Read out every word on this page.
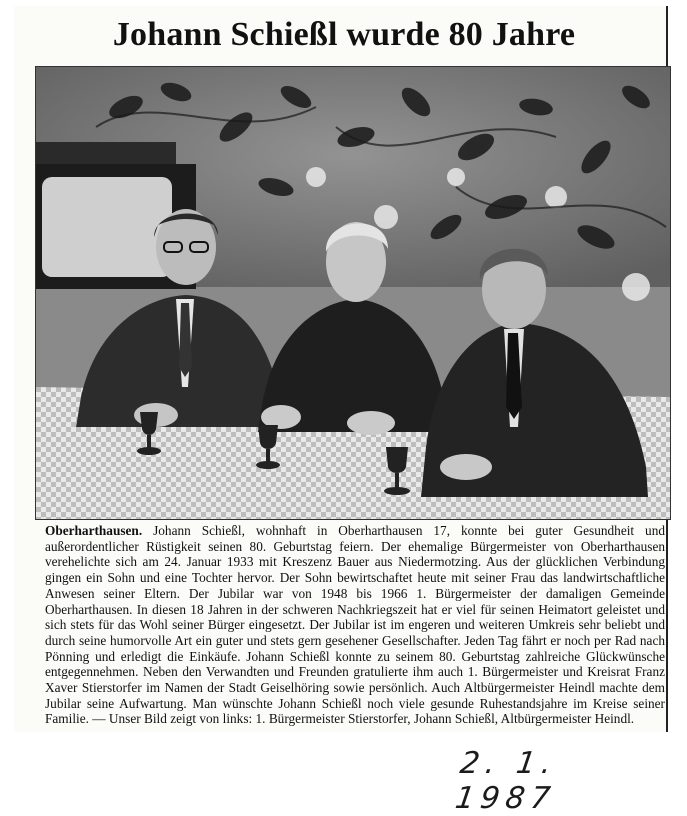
Johann Schießl wurde 80 Jahre

Oberharthausen. Johann Schießl, wohnhaft in Oberharthausen 17, konnte bei guter Gesundheit und außerordentlicher Rüstigkeit seinen 80. Geburtstag feiern. Der ehemalige Bürgermeister von Oberharthausen verehelichte sich am 24. Januar 1933 mit Kreszenz Bauer aus Niedermotzing. Aus der glücklichen Verbindung gingen ein Sohn und eine Tochter hervor. Der Sohn bewirtschaftet heute mit seiner Frau das landwirtschaftliche Anwesen seiner Eltern. Der Jubilar war von 1948 bis 1966 1. Bürgermeister der damaligen Gemeinde Oberharthausen. In diesen 18 Jahren in der schweren Nachkriegszeit hat er viel für seinen Heimatort geleistet und sich stets für das Wohl seiner Bürger eingesetzt. Der Jubilar ist im engeren und weiteren Umkreis sehr beliebt und durch seine humorvolle Art ein guter und stets gern gesehener Gesellschafter. Jeden Tag fährt er noch per Rad nach Pönning und erledigt die Einkäufe. Johann Schießl konnte zu seinem 80. Geburtstag zahlreiche Glückwünsche entgegennehmen. Neben den Verwandten und Freunden gratulierte ihm auch 1. Bürgermeister und Kreisrat Franz Xaver Stierstorfer im Namen der Stadt Geiselhöring sowie persönlich. Auch Altbürgermeister Heindl machte dem Jubilar seine Aufwartung. Man wünschte Johann Schießl noch viele gesunde Ruhestandsjahre im Kreise seiner Familie. — Unser Bild zeigt von links: 1. Bürgermeister Stierstorfer, Johann Schießl, Altbürgermeister Heindl.

2. 1. 1987
